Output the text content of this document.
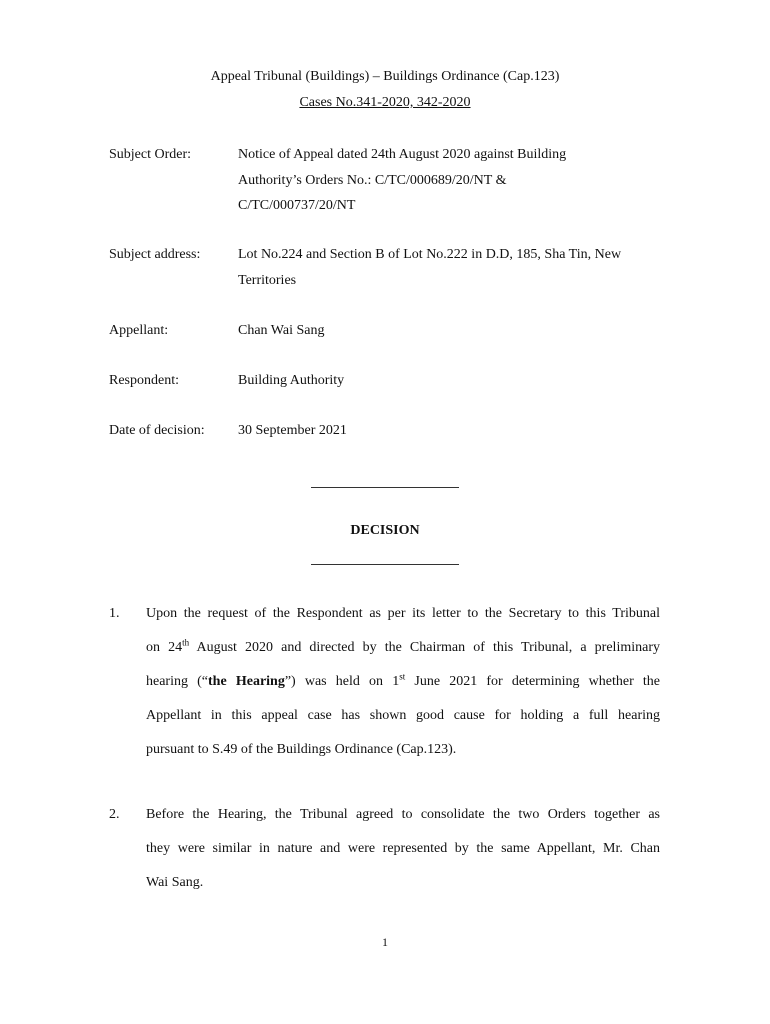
Appeal Tribunal (Buildings) – Buildings Ordinance (Cap.123)
Cases No.341-2020, 342-2020
Subject Order:	Notice of Appeal dated 24th August 2020 against Building
Authority’s Orders No.: C/TC/000689/20/NT &
C/TC/000737/20/NT
Subject address:	Lot No.224 and Section B of Lot No.222 in D.D, 185, Sha Tin, New
Territories
Appellant:	Chan Wai Sang
Respondent:	Building Authority
Date of decision:	30 September 2021
DECISION
1. Upon the request of the Respondent as per its letter to the Secretary to this Tribunal
on 24th August 2020 and directed by the Chairman of this Tribunal, a preliminary
hearing (“the Hearing”) was held on 1st June 2021 for determining whether the
Appellant in this appeal case has shown good cause for holding a full hearing
pursuant to S.49 of the Buildings Ordinance (Cap.123).
2. Before the Hearing, the Tribunal agreed to consolidate the two Orders together as
they were similar in nature and were represented by the same Appellant, Mr. Chan
Wai Sang.
1
